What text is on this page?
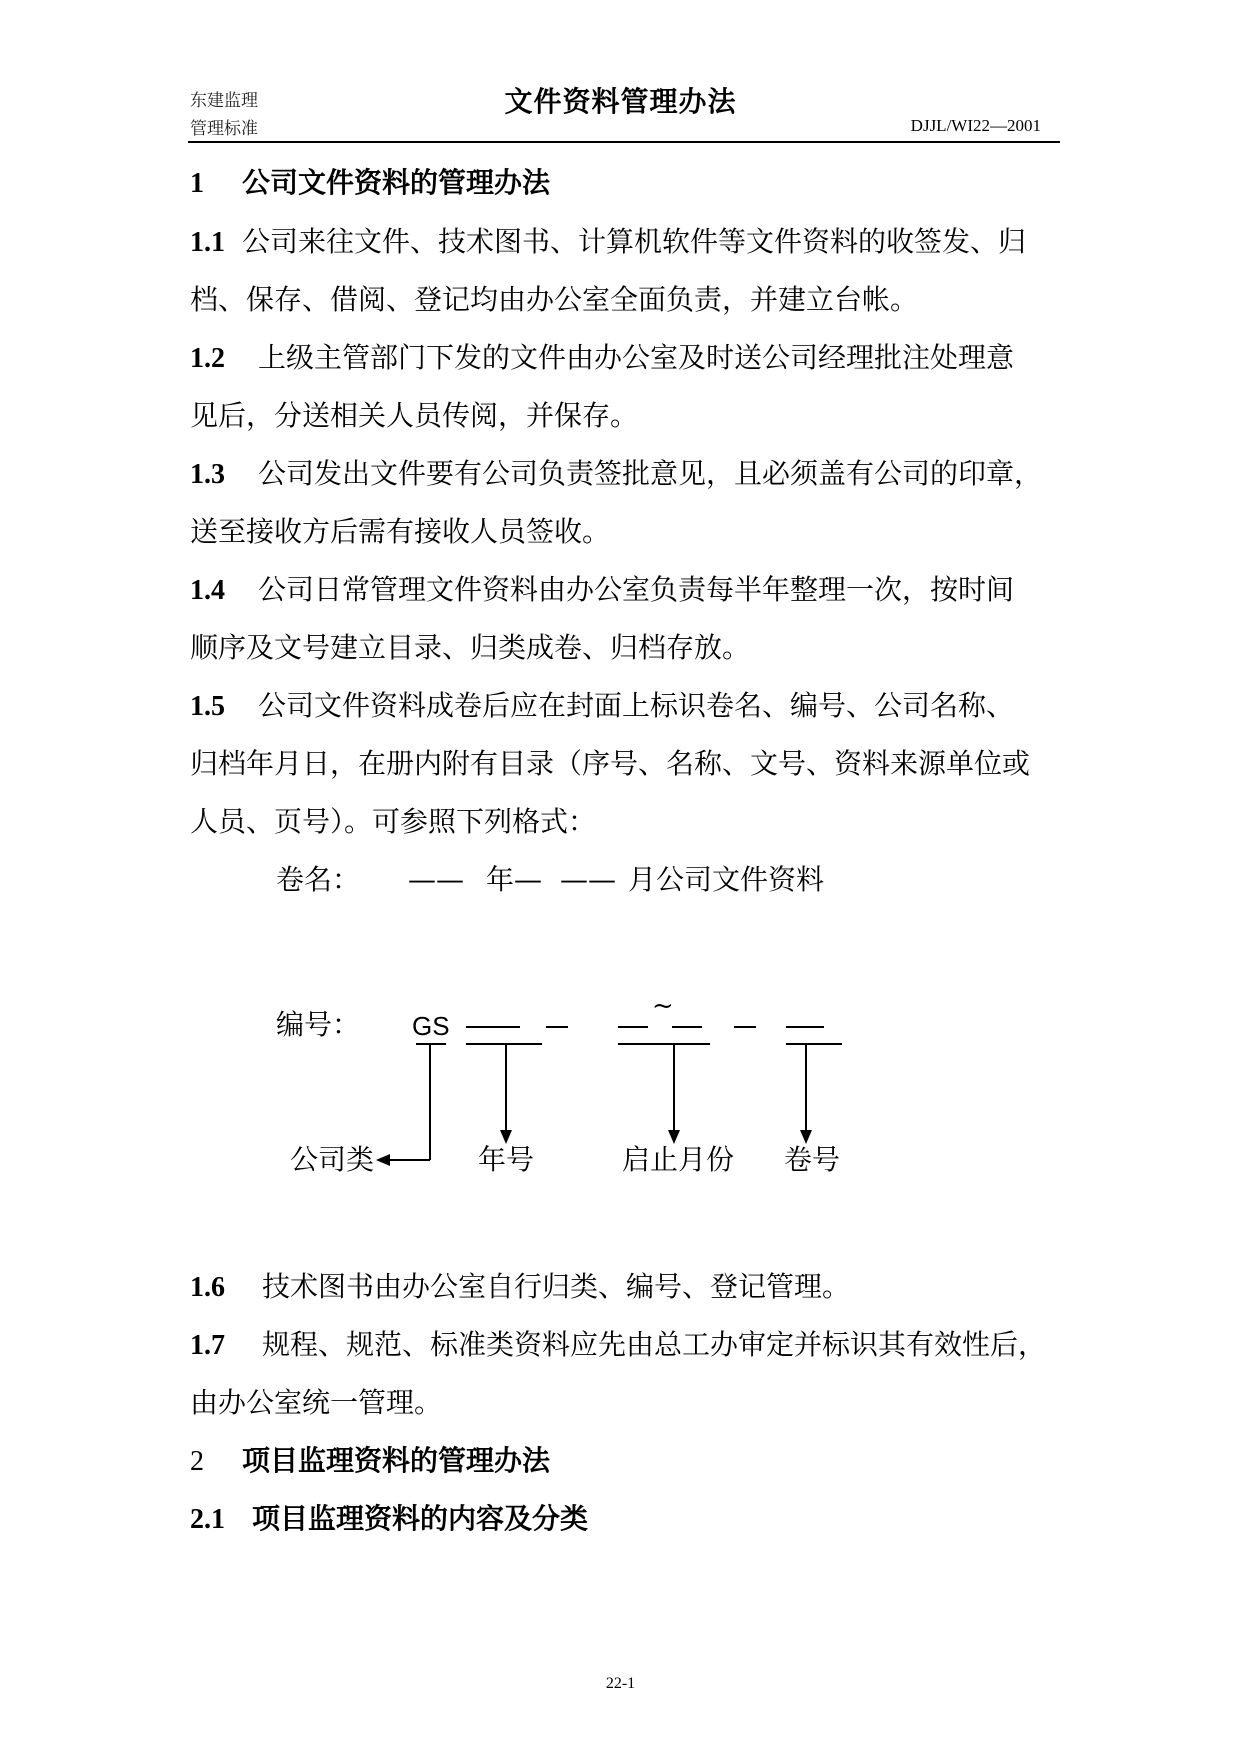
东建监理
管理标准
文件资料管理办法
DJJL/WI22—2001
1 公司文件资料的管理办法
1.1 公司来往文件、技术图书、计算机软件等文件资料的收签发、归
档、保存、借阅、登记均由办公室全面负责，并建立台帐。
1.2 上级主管部门下发的文件由办公室及时送公司经理批注处理意
见后，分送相关人员传阅，并保存。
1.3 公司发出文件要有公司负责签批意见，且必须盖有公司的印章，
送至接收方后需有接收人员签收。
1.4 公司日常管理文件资料由办公室负责每半年整理一次，按时间
顺序及文号建立目录、归类成卷、归档存放。
1.5 公司文件资料成卷后应在封面上标识卷名、编号、公司名称、
归档年月日，在册内附有目录（序号、名称、文号、资料来源单位或
人员、页号）。可参照下列格式：
卷名： —— 年— —— 月公司文件资料
编号： GS
~
公司类	年号	启止月份 卷号
1.6 技术图书由办公室自行归类、编号、登记管理。
1.7 规程、规范、标准类资料应先由总工办审定并标识其有效性后，
由办公室统一管理。
2 项目监理资料的管理办法
2.1 项目监理资料的内容及分类
22-1
